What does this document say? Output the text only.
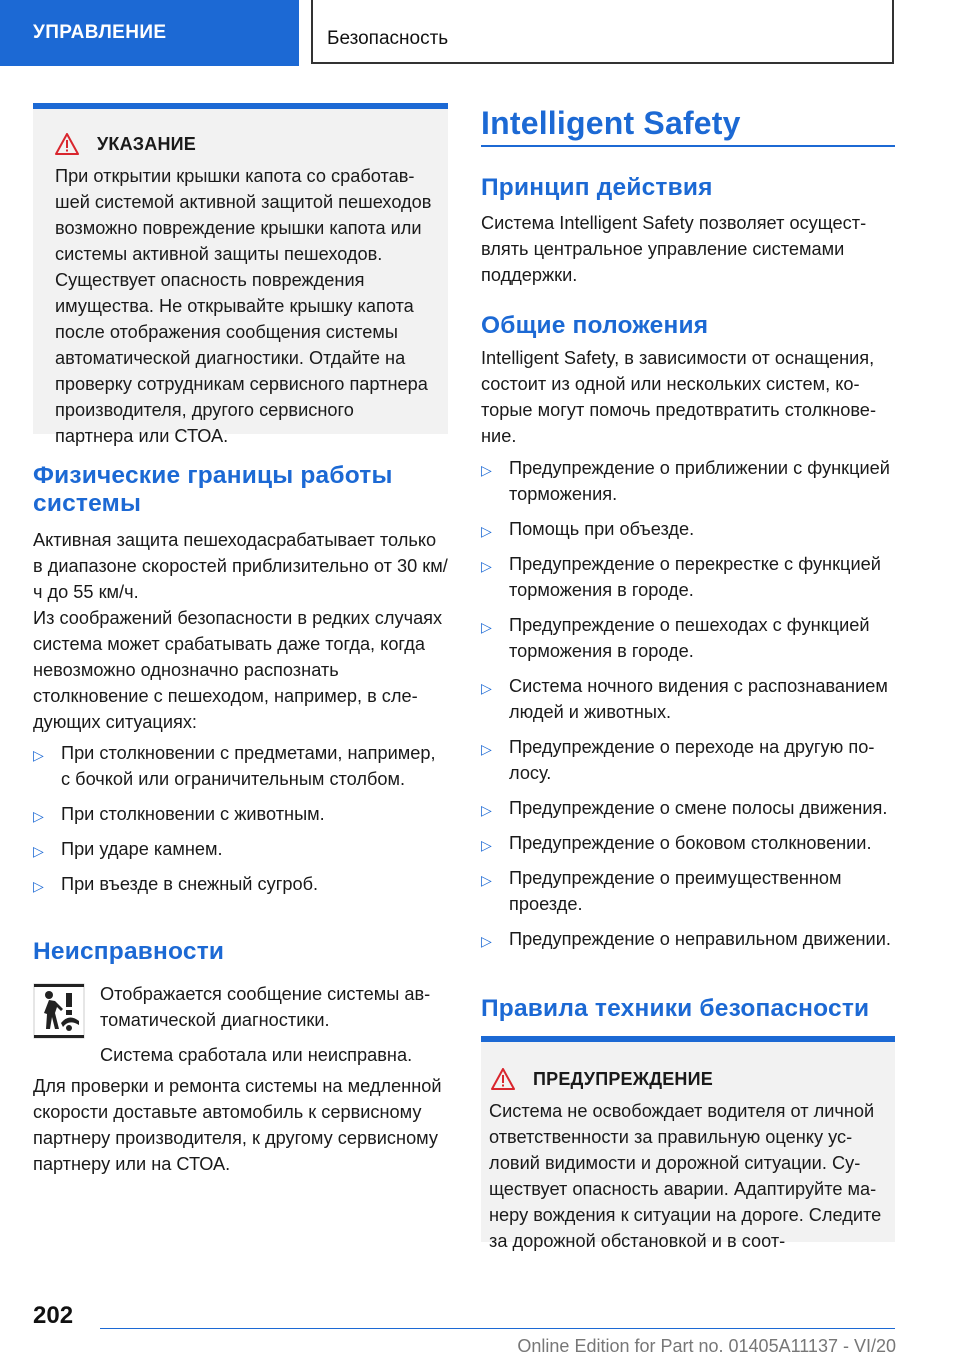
УПРАВЛЕНИЕ	Безопасность
УКАЗАНИЕ

При открытии крышки капота со сработавшей системой активной защитой пешеходов возможно повреждение крышки капота или системы активной защиты пешеходов. Существует опасность повреждения имущества. Не открывайте крышку капота после отображения сообщения системы автоматической диагностики. Отдайте на проверку сотрудникам сервисного партнера производителя, другого сервисного партнера или СТОА.

Физические границы работы системы

Активная защита пешеходасрабатывает только в диапазоне скоростей приблизительно от 30 км/ч до 55 км/ч.

Из соображений безопасности в редких случаях система может срабатывать даже тогда, когда невозможно однозначно распознать столкновение с пешеходом, например, в следующих ситуациях:

▷ При столкновении с предметами, например, с бочкой или ограничительным столбом.
▷ При столкновении с животным.
▷ При ударе камнем.
▷ При въезде в снежный сугроб.
Неисправности

Отображается сообщение системы автоматической диагностики.

Система сработала или неисправна.

Для проверки и ремонта системы на медленной скорости доставьте автомобиль к сервисному партнеру производителя, к другому сервисному партнеру или на СТОА.

Intelligent Safety
Принцип действия

Система Intelligent Safety позволяет осуществлять центральное управление системами поддержки.

Общие положения

Intelligent Safety, в зависимости от оснащения, состоит из одной или нескольких систем, которые могут помочь предотвратить столкновение.

▷ Предупреждение о приближении с функцией торможения.
▷ Помощь при объезде.
▷ Предупреждение о перекрестке с функцией торможения в городе.
▷ Предупреждение о пешеходах с функцией торможения в городе.
▷ Система ночного видения с распознаванием людей и животных.
▷ Предупреждение о переходе на другую полосу.
▷ Предупреждение о смене полосы движения.
▷ Предупреждение о боковом столкновении.
▷ Предупреждение о преимущественном проезде.
▷ Предупреждение о неправильном движении.
Правила техники безопасности
ПРЕДУПРЕЖДЕНИЕ

Система не освобождает водителя от личной ответственности за правильную оценку условий видимости и дорожной ситуации. Существует опасность аварии. Адаптируйте манеру вождения к ситуации на дороге. Следите за дорожной обстановкой и в соот-

202
Online Edition for Part no. 01405A11137 - VI/20
